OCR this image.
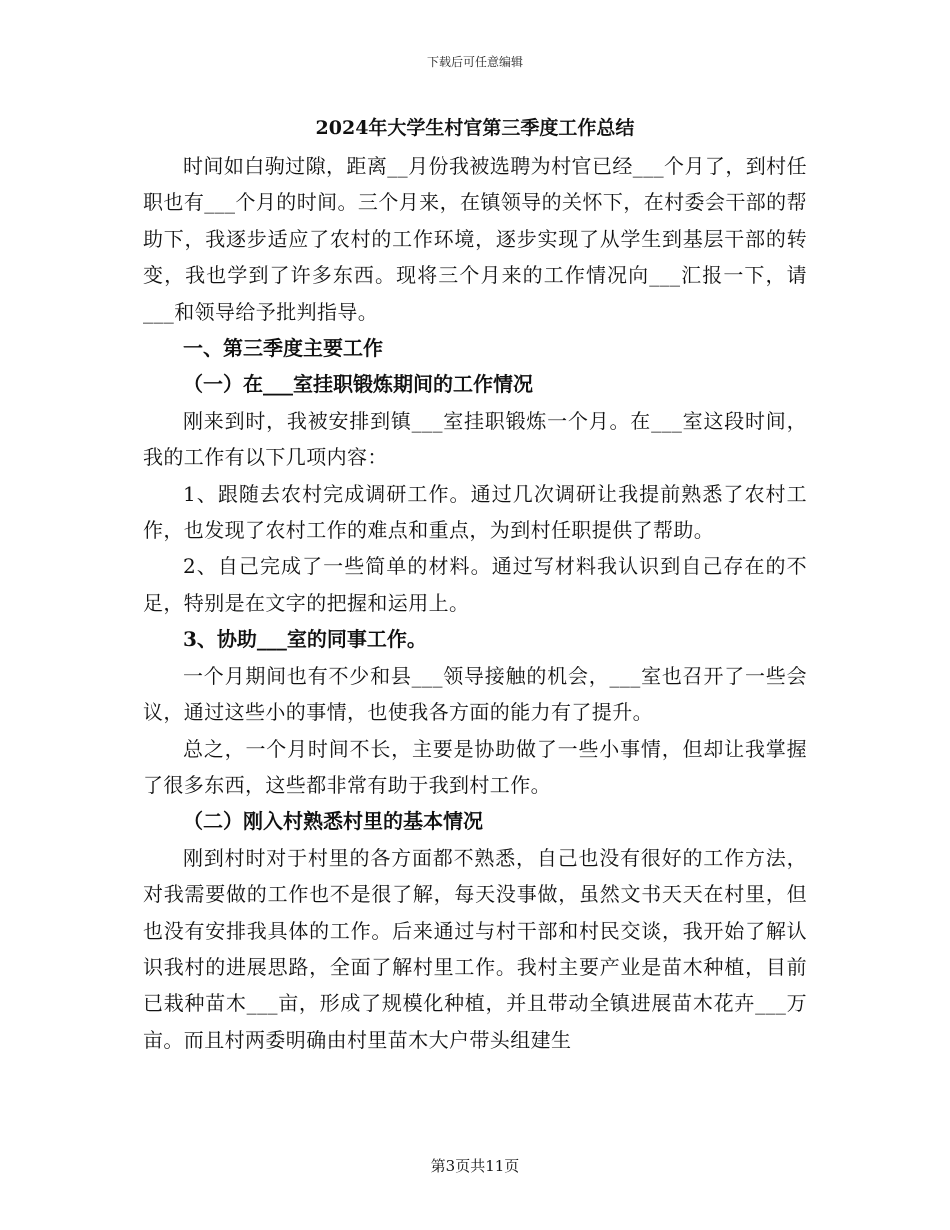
下载后可任意编辑
2024年大学生村官第三季度工作总结

时间如白驹过隙，距离__月份我被选聘为村官已经___个月了，到村任职也有___个月的时间。三个月来，在镇领导的关怀下，在村委会干部的帮助下，我逐步适应了农村的工作环境，逐步实现了从学生到基层干部的转变，我也学到了许多东西。现将三个月来的工作情况向___汇报一下，请___和领导给予批判指导。

一、第三季度主要工作

（一）在___室挂职锻炼期间的工作情况

刚来到时，我被安排到镇___室挂职锻炼一个月。在___室这段时间，我的工作有以下几项内容：

1、跟随去农村完成调研工作。通过几次调研让我提前熟悉了农村工作，也发现了农村工作的难点和重点，为到村任职提供了帮助。

2、自己完成了一些简单的材料。通过写材料我认识到自己存在的不足，特别是在文字的把握和运用上。

3、协助___室的同事工作。

一个月期间也有不少和县___领导接触的机会，___室也召开了一些会议，通过这些小的事情，也使我各方面的能力有了提升。

总之，一个月时间不长，主要是协助做了一些小事情，但却让我掌握了很多东西，这些都非常有助于我到村工作。

（二）刚入村熟悉村里的基本情况

刚到村时对于村里的各方面都不熟悉，自己也没有很好的工作方法，对我需要做的工作也不是很了解，每天没事做，虽然文书天天在村里，但也没有安排我具体的工作。后来通过与村干部和村民交谈，我开始了解认识我村的进展思路，全面了解村里工作。我村主要产业是苗木种植，目前已栽种苗木___亩，形成了规模化种植，并且带动全镇进展苗木花卉___万亩。而且村两委明确由村里苗木大户带头组建生

第3页共11页
